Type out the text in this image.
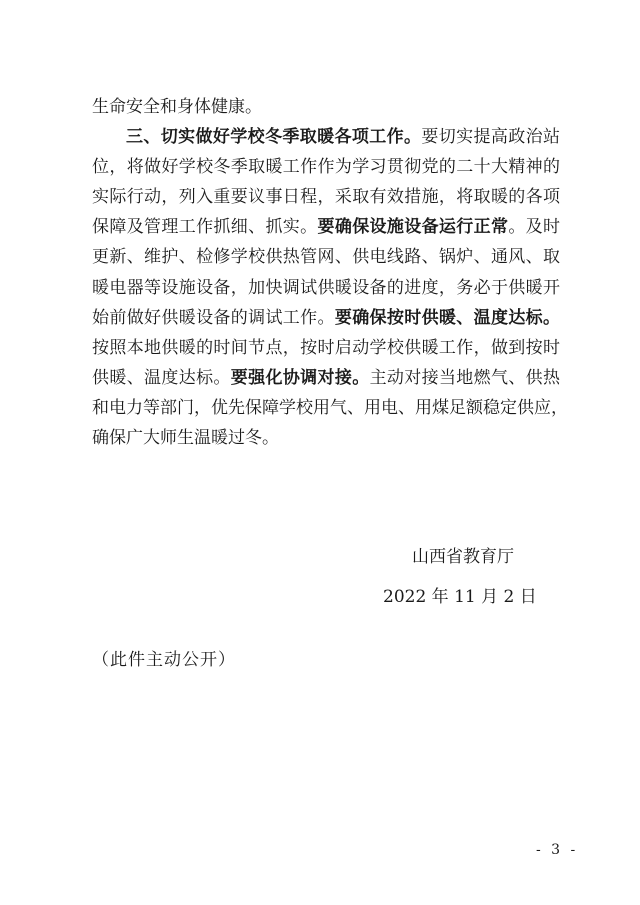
生命安全和身体健康。
三、切实做好学校冬季取暖各项工作。要切实提高政治站
位，将做好学校冬季取暖工作作为学习贯彻党的二十大精神的
实际行动，列入重要议事日程，采取有效措施，将取暖的各项
保障及管理工作抓细、抓实。要确保设施设备运行正常。及时
更新、维护、检修学校供热管网、供电线路、锅炉、通风、取
暖电器等设施设备，加快调试供暖设备的进度，务必于供暖开
始前做好供暖设备的调试工作。要确保按时供暖、温度达标。
按照本地供暖的时间节点，按时启动学校供暖工作，做到按时
供暖、温度达标。要强化协调对接。主动对接当地燃气、供热
和电力等部门，优先保障学校用气、用电、用煤足额稳定供应，
确保广大师生温暖过冬。
山西省教育厅
2022 年 11 月 2 日
（此件主动公开）
- 3 -
